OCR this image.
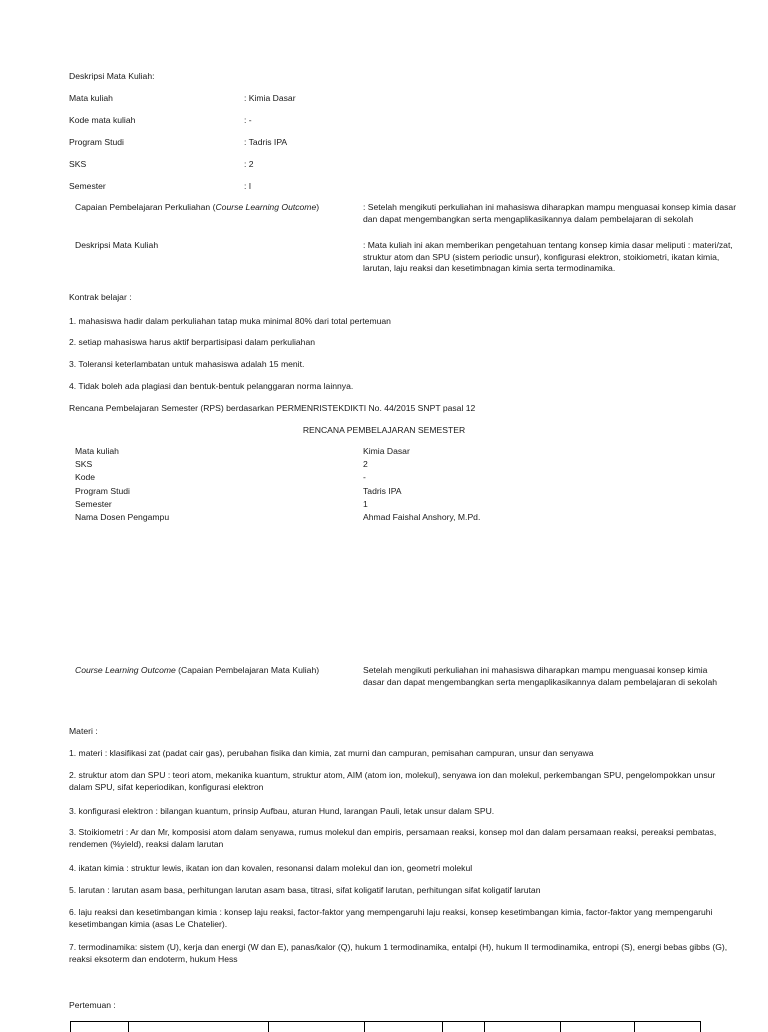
Deskripsi Mata Kuliah:
Mata kuliah	: Kimia Dasar
Kode mata kuliah	: -
Program Studi	: Tadris IPA
SKS	: 2
Semester	: I
Capaian Pembelajaran Perkuliahan (Course Learning Outcome)	: Setelah mengikuti perkuliahan ini mahasiswa diharapkan mampu menguasai konsep kimia dasar dan dapat mengembangkan serta mengaplikasikannya dalam pembelajaran di sekolah
Deskripsi Mata Kuliah	: Mata kuliah ini akan memberikan pengetahuan tentang konsep kimia dasar meliputi : materi/zat, struktur atom dan SPU (sistem periodic unsur), konfigurasi elektron, stoikiometri, ikatan kimia, larutan, laju reaksi dan kesetimbnagan kimia serta termodinamika.
Kontrak belajar :
1. mahasiswa hadir dalam perkuliahan tatap muka minimal 80% dari total pertemuan
2. setiap mahasiswa harus aktif berpartisipasi dalam perkuliahan
3. Toleransi keterlambatan untuk mahasiswa adalah 15 menit.
4. Tidak boleh ada plagiasi dan bentuk-bentuk pelanggaran norma lainnya.
Rencana Pembelajaran Semester (RPS) berdasarkan PERMENRISTEKDIKTI No. 44/2015 SNPT pasal 12
RENCANA PEMBELAJARAN SEMESTER
Mata kuliah	Kimia Dasar
SKS	2
Kode	-
Program Studi	Tadris IPA
Semester	1
Nama Dosen Pengampu	Ahmad Faishal Anshory, M.Pd.
Course Learning Outcome (Capaian Pembelajaran Mata Kuliah)	Setelah mengikuti perkuliahan ini mahasiswa diharapkan mampu menguasai konsep kimia dasar dan dapat mengembangkan serta mengaplikasikannya dalam pembelajaran di sekolah
Materi :
1. materi : klasifikasi zat (padat cair gas), perubahan fisika dan kimia, zat murni dan campuran, pemisahan campuran, unsur dan senyawa
2. struktur atom dan SPU : teori atom, mekanika kuantum, struktur atom, AIM (atom ion, molekul), senyawa ion dan molekul, perkembangan SPU, pengelompokkan unsur dalam SPU, sifat keperiodikan, konfigurasi elektron
3. konfigurasi elektron : bilangan kuantum, prinsip Aufbau, aturan Hund, larangan Pauli, letak unsur dalam SPU.
3. Stoikiometri : Ar dan Mr, komposisi atom dalam senyawa, rumus molekul dan empiris, persamaan reaksi, konsep mol dan dalam persamaan reaksi, pereaksi pembatas, rendemen (%yield), reaksi dalam larutan
4. ikatan kimia : struktur lewis, ikatan ion dan kovalen, resonansi dalam molekul dan ion, geometri molekul
5. larutan : larutan asam basa, perhitungan larutan asam basa, titrasi, sifat koligatif larutan, perhitungan sifat koligatif larutan
6. laju reaksi dan kesetimbangan kimia : konsep laju reaksi, factor-faktor yang mempengaruhi laju reaksi, konsep kesetimbangan kimia, factor-faktor yang mempengaruhi kesetimbangan kimia (asas Le Chatelier).
7. termodinamika: sistem (U), kerja dan energi (W dan E), panas/kalor (Q), hukum 1 termodinamika, entalpi (H), hukum II termodinamika, entropi (S), energi bebas gibbs (G), reaksi eksoterm dan endoterm, hukum Hess
Pertemuan :
